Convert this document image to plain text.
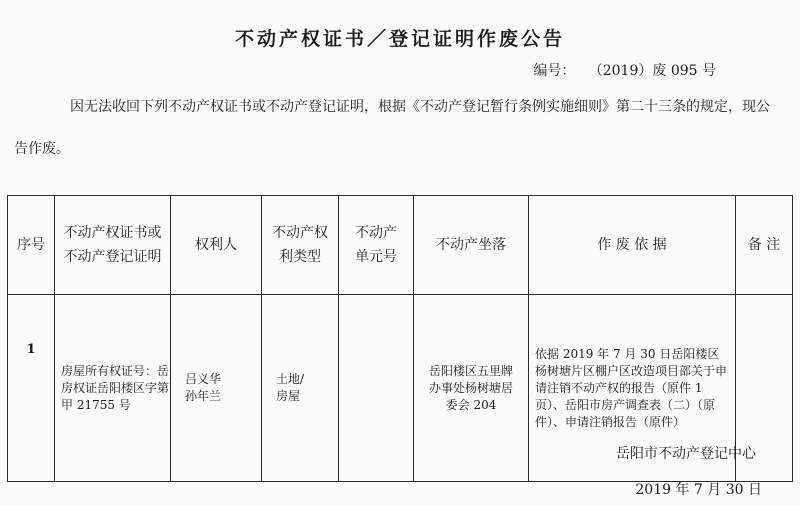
不动产权证书／登记证明作废公告
编号：   （2019）废 095 号
因无法收回下列不动产权证书或不动产登记证明，根据《不动产登记暂行条例实施细则》第二十三条的规定，现公告作废。
序号	不动产权证书或不动产登记证明	权利人	不动产权利类型	不动产单元号	不动产坐落	作 废 依 据	备 注
1	房屋所有权证号：岳房权证岳阳楼区字第甲 21755 号	吕义华孙年兰	土地/房屋		岳阳楼区五里牌办事处杨树塘居委会 204	依据 2019 年 7 月 30 日岳阳楼区杨树塘片区棚户区改造项目部关于申请注销不动产权的报告（原件 1 页）、岳阳市房产调查表（二）（原件）、申请注销报告（原件）	
岳阳市不动产登记中心
2019 年 7 月 30 日
